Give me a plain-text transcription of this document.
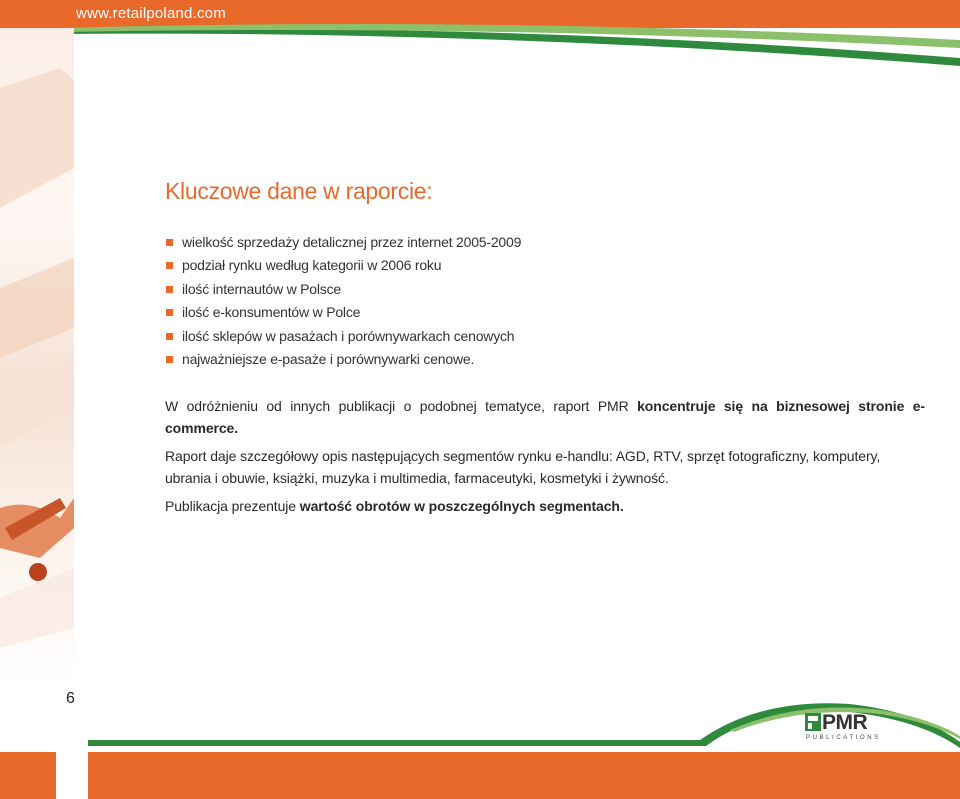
www.retailpoland.com
Kluczowe dane w raporcie:
wielkość sprzedaży detalicznej przez internet 2005-2009
podział rynku według kategorii w 2006 roku
ilość internautów w Polsce
ilość e-konsumentów w Polce
ilość sklepów w pasażach i porównywarkach cenowych
najważniejsze e-pasaże i porównywarki cenowe.

W odróżnieniu od innych publikacji o podobnej tematyce, raport PMR koncentruje się na biznesowej stronie e-commerce.

Raport daje szczegółowy opis następujących segmentów rynku e-handlu: AGD, RTV, sprzęt fotograficzny, komputery, ubrania i obuwie, książki, muzyka i multimedia, farmaceutyki, kosmetyki i żywność.

Publikacja prezentuje wartość obrotów w poszczególnych segmentach.

6
PMR
PUBLICATIONS
